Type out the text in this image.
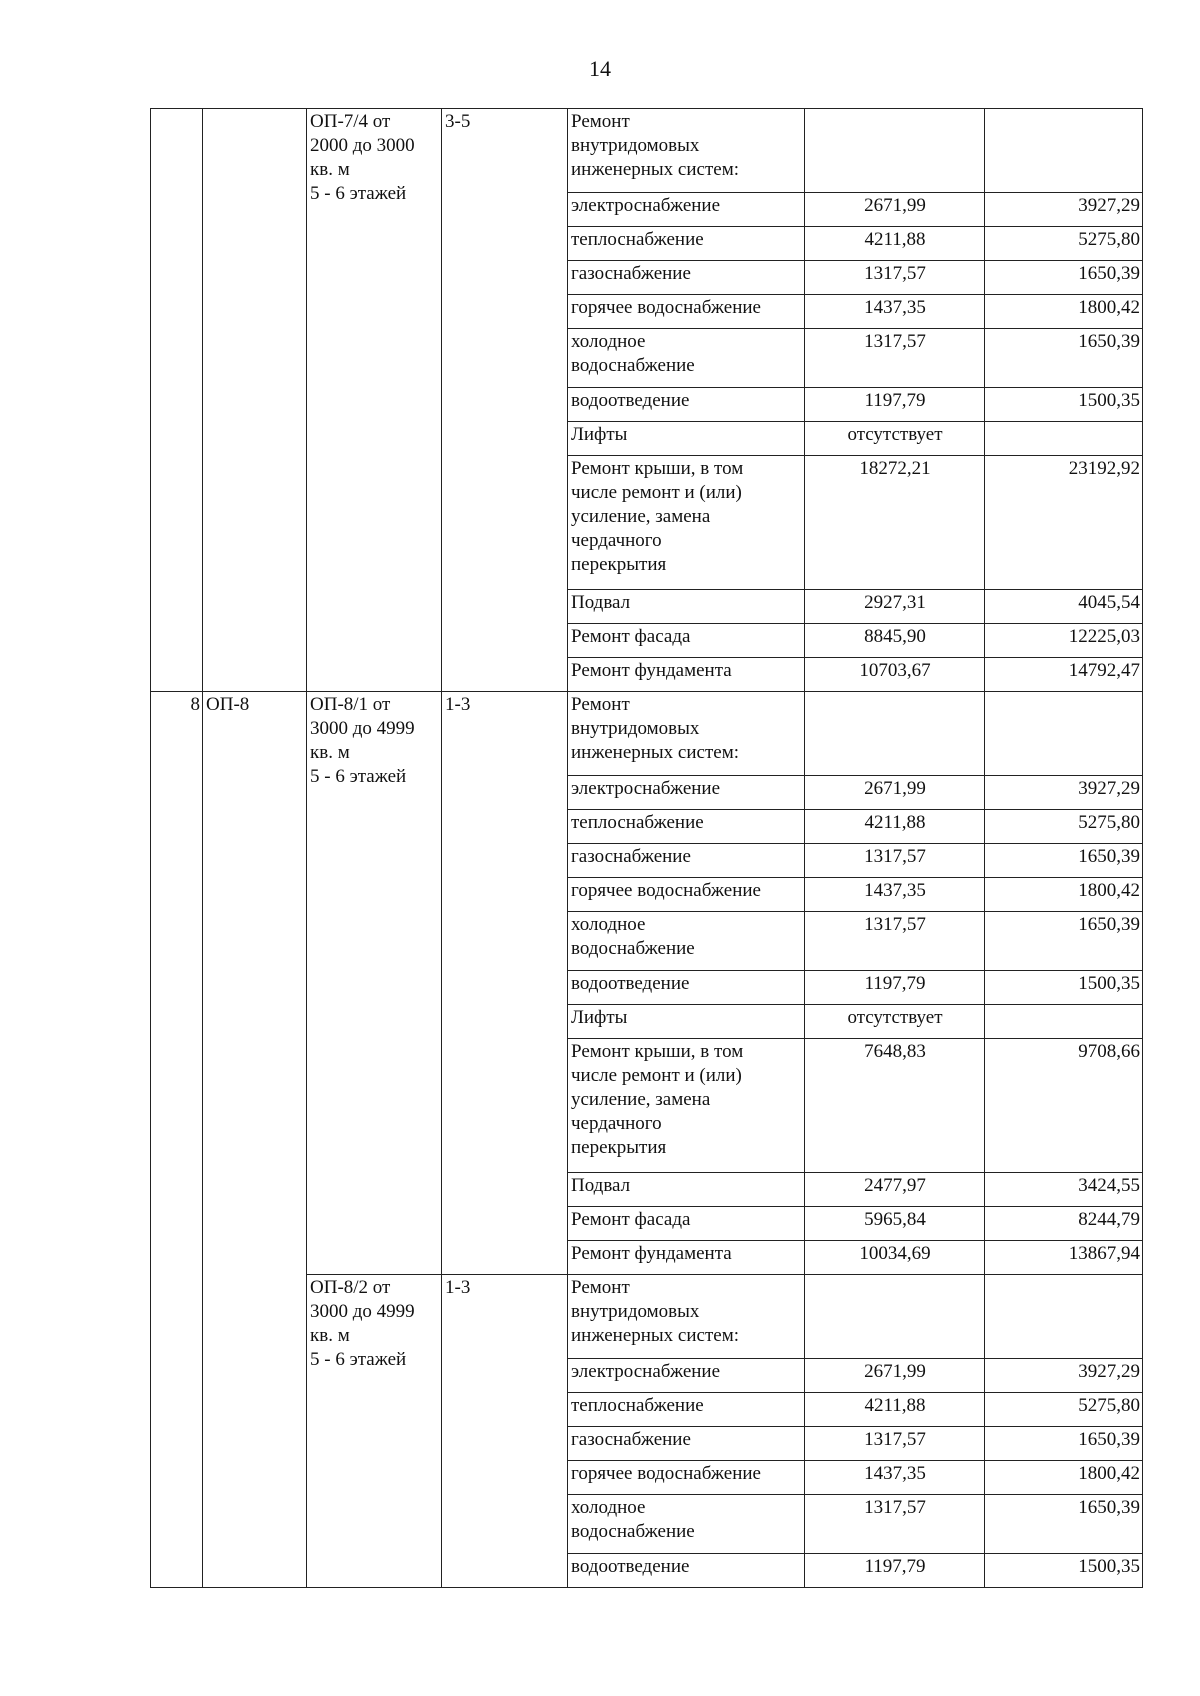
14
		ОП-7/4 от
2000 до 3000
кв. м
5 - 6 этажей	3-5	Ремонт
внутридомовых
инженерных систем:		
				электроснабжение	2671,99	3927,29
				теплоснабжение	4211,88	5275,80
				газоснабжение	1317,57	1650,39
				горячее водоснабжение	1437,35	1800,42
				холодное
водоснабжение	1317,57	1650,39
				водоотведение	1197,79	1500,35
				Лифты	отсутствует	
				Ремонт крыши, в том
числе ремонт и (или)
усиление, замена
чердачного
перекрытия	18272,21	23192,92
				Подвал	2927,31	4045,54
				Ремонт фасада	8845,90	12225,03
				Ремонт фундамента	10703,67	14792,47
8	ОП-8	ОП-8/1 от
3000 до 4999
кв. м
5 - 6 этажей	1-3	Ремонт
внутридомовых
инженерных систем:		
				электроснабжение	2671,99	3927,29
				теплоснабжение	4211,88	5275,80
				газоснабжение	1317,57	1650,39
				горячее водоснабжение	1437,35	1800,42
				холодное
водоснабжение	1317,57	1650,39
				водоотведение	1197,79	1500,35
				Лифты	отсутствует	
				Ремонт крыши, в том
числе ремонт и (или)
усиление, замена
чердачного
перекрытия	7648,83	9708,66
				Подвал	2477,97	3424,55
				Ремонт фасада	5965,84	8244,79
				Ремонт фундамента	10034,69	13867,94
		ОП-8/2 от
3000 до 4999
кв. м
5 - 6 этажей	1-3	Ремонт
внутридомовых
инженерных систем:		
				электроснабжение	2671,99	3927,29
				теплоснабжение	4211,88	5275,80
				газоснабжение	1317,57	1650,39
				горячее водоснабжение	1437,35	1800,42
				холодное
водоснабжение	1317,57	1650,39
				водоотведение	1197,79	1500,35
